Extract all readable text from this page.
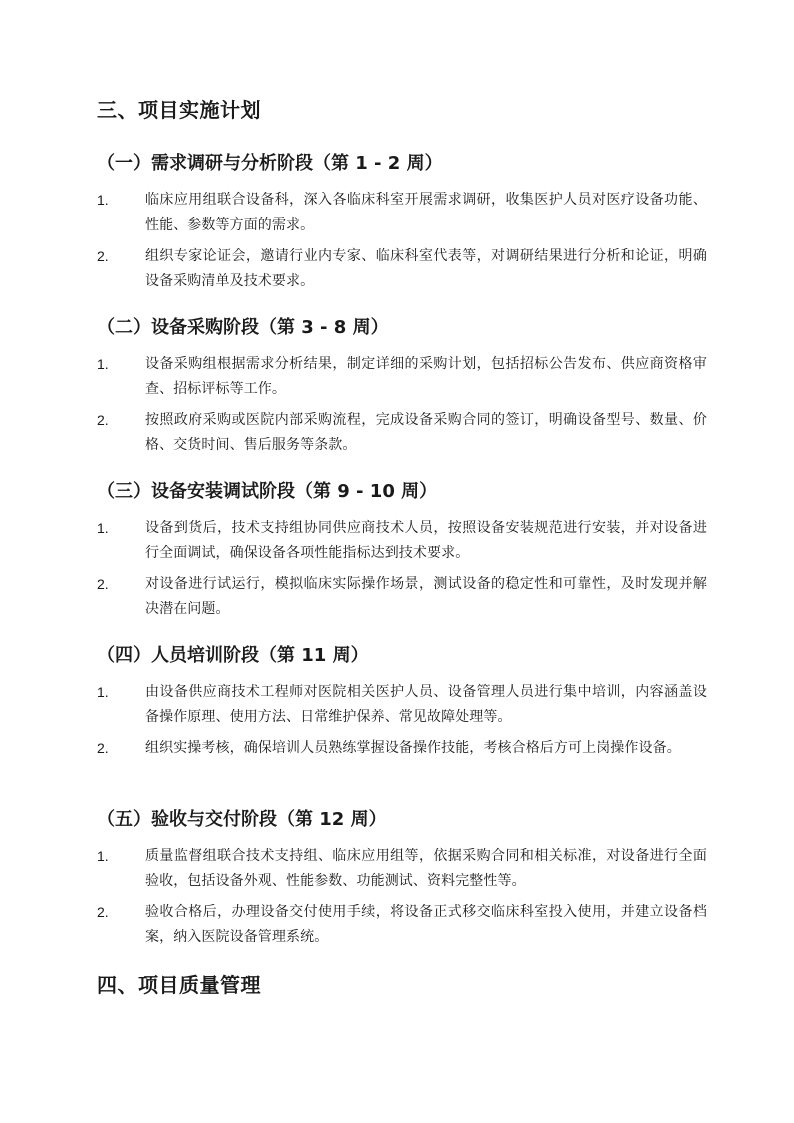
三、项目实施计划
（一）需求调研与分析阶段（第 1 - 2 周）
1.	临床应用组联合设备科，深入各临床科室开展需求调研，收集医护人员对医疗设备功能、性能、参数等方面的需求。
2.	组织专家论证会，邀请行业内专家、临床科室代表等，对调研结果进行分析和论证，明确设备采购清单及技术要求。
（二）设备采购阶段（第 3 - 8 周）
1.	设备采购组根据需求分析结果，制定详细的采购计划，包括招标公告发布、供应商资格审查、招标评标等工作。
2.	按照政府采购或医院内部采购流程，完成设备采购合同的签订，明确设备型号、数量、价格、交货时间、售后服务等条款。
（三）设备安装调试阶段（第 9 - 10 周）
1.	设备到货后，技术支持组协同供应商技术人员，按照设备安装规范进行安装，并对设备进行全面调试，确保设备各项性能指标达到技术要求。
2.	对设备进行试运行，模拟临床实际操作场景，测试设备的稳定性和可靠性，及时发现并解决潜在问题。
（四）人员培训阶段（第 11 周）
1.	由设备供应商技术工程师对医院相关医护人员、设备管理人员进行集中培训，内容涵盖设备操作原理、使用方法、日常维护保养、常见故障处理等。
2.	组织实操考核，确保培训人员熟练掌握设备操作技能，考核合格后方可上岗操作设备。
（五）验收与交付阶段（第 12 周）
1.	质量监督组联合技术支持组、临床应用组等，依据采购合同和相关标准，对设备进行全面验收，包括设备外观、性能参数、功能测试、资料完整性等。
2.	验收合格后，办理设备交付使用手续，将设备正式移交临床科室投入使用，并建立设备档案，纳入医院设备管理系统。
四、项目质量管理
